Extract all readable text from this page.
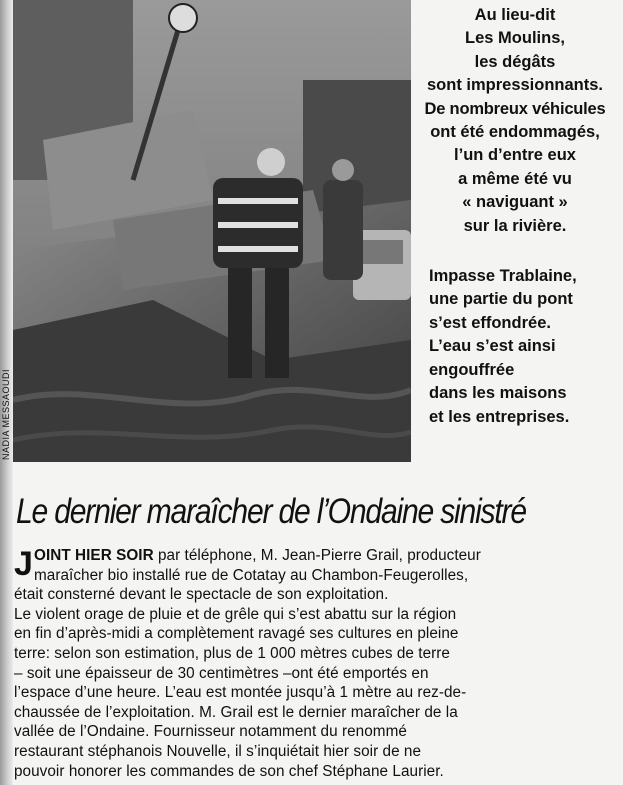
NADIA MESSAOUDI
Au lieu-dit
Les Moulins,
les dégâts
sont impressionnants.
De nombreux véhicules
ont été endommagés,
l’un d’entre eux
a même été vu
« naviguant »
sur la rivière.
Impasse Trablaine,
une partie du pont
s’est effondrée.
L’eau s’est ainsi
engouffrée
dans les maisons
et les entreprises.
Le dernier maraîcher de l’Ondaine sinistré
J OINT HIER SOIR par téléphone, M. Jean-Pierre Grail, producteur
maraîcher bio installé rue de Cotatay au Chambon-Feugerolles,
était consterné devant le spectacle de son exploitation.
Le violent orage de pluie et de grêle qui s’est abattu sur la région
en fin d’après-midi a complètement ravagé ses cultures en pleine
terre: selon son estimation, plus de 1 000 mètres cubes de terre
– soit une épaisseur de 30 centimètres –ont été emportés en
l’espace d’une heure. L’eau est montée jusqu’à 1 mètre au rez-de-
chaussée de l’exploitation. M. Grail est le dernier maraîcher de la
vallée de l’Ondaine. Fournisseur notamment du renommé
restaurant stéphanois Nouvelle, il s’inquiétait hier soir de ne
pouvoir honorer les commandes de son chef Stéphane Laurier.
